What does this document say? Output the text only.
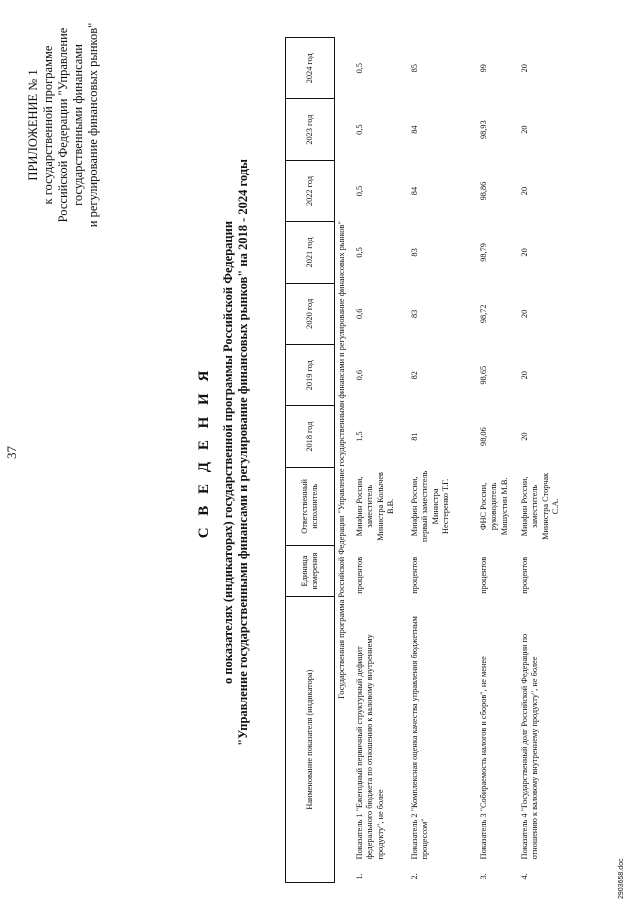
37
ПРИЛОЖЕНИЕ № 1 к государственной программе Российской Федерации "Управление государственными финансами и регулирование финансовых рынков"
С В Е Д Е Н И Я о показателях (индикаторах) государственной программы Российской Федерации "Управление государственными финансами и регулирование финансовых рынков" на 2018 - 2024 годы	Наименование показателя (индикатора)		Единица измерения	Ответственный исполнитель	2018 год	2019 год	2020 год	2021 год	2022 год	2023 год	2024 год
Государственная программа Российской Федерации "Управление государственными финансами и регулирование финансовых рынков"										
1.	Показатель 1 "Ежегодный первичный структурный дефицит федерального бюджета по отношению к валовому внутреннему продукту", не более	процентов	Минфин России, заместитель Министра Колычев В.В.	1,5	0,6	0,6	0,5	0,5	0,5	0,5
2.	Показатель 2 "Комплексная оценка качества управления бюджетным процессом"	процентов	Минфин России, первый заместитель Министра Нестеренко Т.Г.	81	82	83	83	84	84	85
3.	Показатель 3 "Собираемость налогов и сборов", не менее	процентов	ФНС России, руководитель Мишустин М.В.	98,06	98,65	98,72	98,79	98,86	98,93	99
4.	Показатель 4 "Государственный долг Российской Федерации по отношению к валовому внутреннему продукту", не более	процентов	Минфин России, заместитель Министра Сторчак С.А.	20	20	20	20	20	20	20
2903658.doc
